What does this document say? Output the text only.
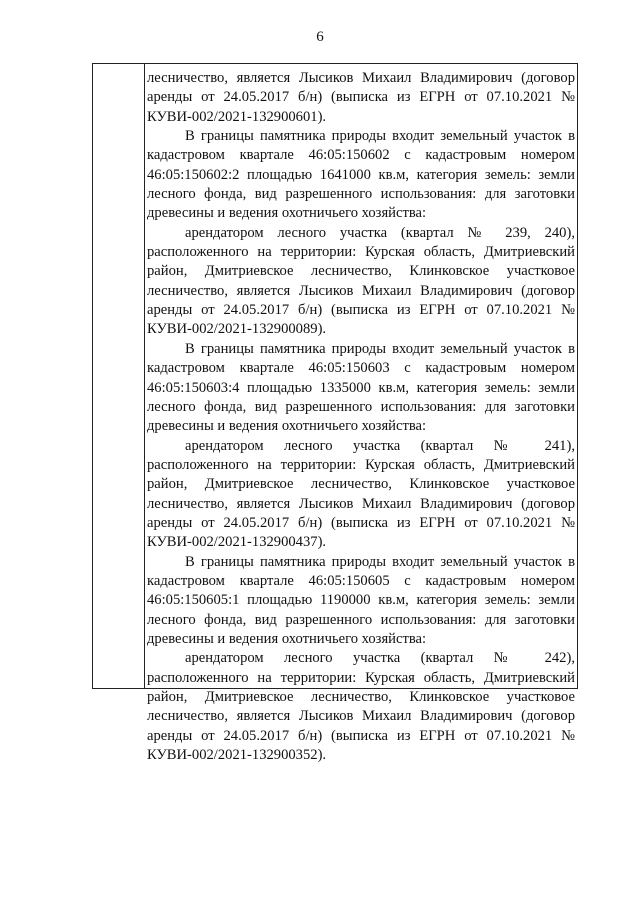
6

лесничество, является Лысиков Михаил Владимирович (договор аренды от 24.05.2017 б/н) (выписка из ЕГРН от 07.10.2021 № КУВИ-002/2021-132900601).

В границы памятника природы входит земельный участок в кадастровом квартале 46:05:150602 с кадастровым номером 46:05:150602:2 площадью 1641000 кв.м, категория земель: земли лесного фонда, вид разрешенного использования: для заготовки древесины и ведения охотничьего хозяйства:

арендатором лесного участка (квартал № 239, 240), расположенного на территории: Курская область, Дмитриевский район, Дмитриевское лесничество, Клинковское участковое лесничество, является Лысиков Михаил Владимирович (договор аренды от 24.05.2017 б/н) (выписка из ЕГРН от 07.10.2021 № КУВИ-002/2021-132900089).

В границы памятника природы входит земельный участок в кадастровом квартале 46:05:150603 с кадастровым номером 46:05:150603:4 площадью 1335000 кв.м, категория земель: земли лесного фонда, вид разрешенного использования: для заготовки древесины и ведения охотничьего хозяйства:

арендатором лесного участка (квартал № 241), расположенного на территории: Курская область, Дмитриевский район, Дмитриевское лесничество, Клинковское участковое лесничество, является Лысиков Михаил Владимирович (договор аренды от 24.05.2017 б/н) (выписка из ЕГРН от 07.10.2021 № КУВИ-002/2021-132900437).

В границы памятника природы входит земельный участок в кадастровом квартале 46:05:150605 с кадастровым номером 46:05:150605:1 площадью 1190000 кв.м, категория земель: земли лесного фонда, вид разрешенного использования: для заготовки древесины и ведения охотничьего хозяйства:

арендатором лесного участка (квартал № 242), расположенного на территории: Курская область, Дмитриевский район, Дмитриевское лесничество, Клинковское участковое лесничество, является Лысиков Михаил Владимирович (договор аренды от 24.05.2017 б/н) (выписка из ЕГРН от 07.10.2021 № КУВИ-002/2021-132900352).
